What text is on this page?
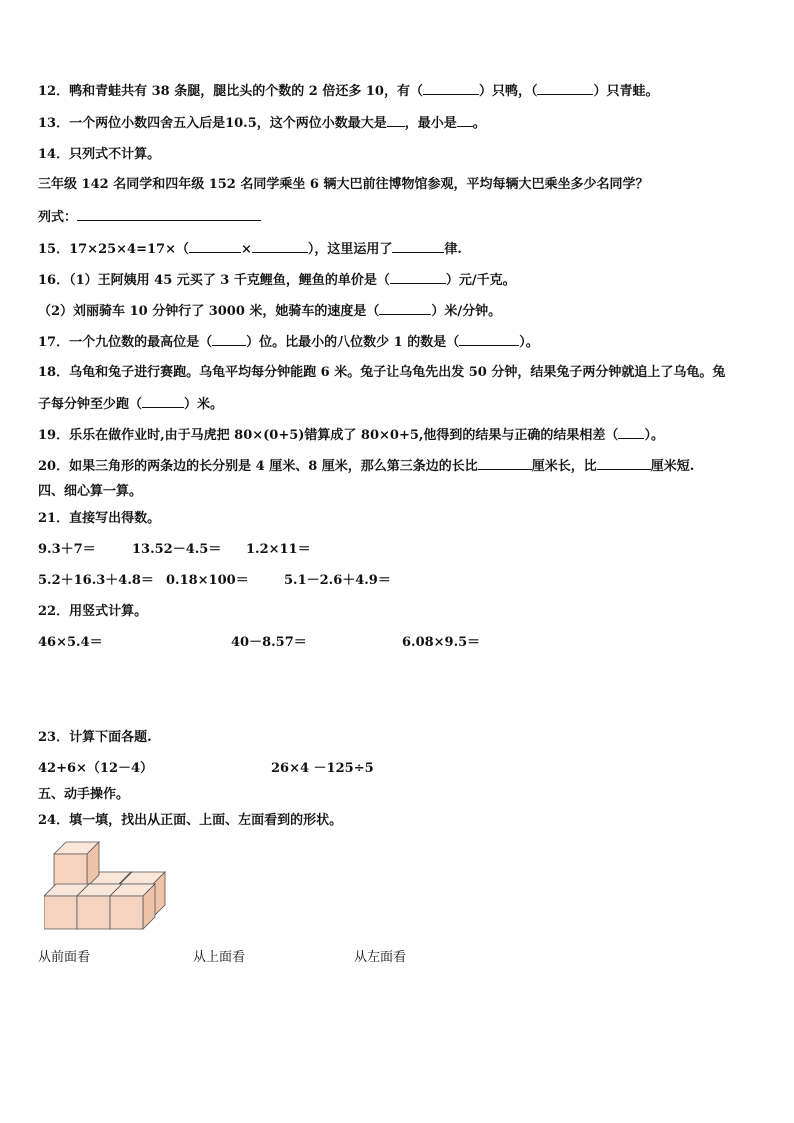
12．鸭和青蛙共有 38 条腿，腿比头的个数的 2 倍还多 10，有（	）只鸭，（	）只青蛙。
13．一个两位小数四舍五入后是10.5，这个两位小数最大是 ，最小是 。
14．只列式不计算。
三年级 142 名同学和四年级 152 名同学乘坐 6 辆大巴前往博物馆参观，平均每辆大巴乘坐多少名同学？
列式：
15．17×25×4=17×（	×	），这里运用了	律.
16．（1）王阿姨用 45 元买了 3 千克鲤鱼，鲤鱼的单价是（	）元/千克。
（2）刘丽骑车 10 分钟行了 3000 米，她骑车的速度是（	）米/分钟。
17．一个九位数的最高位是（	）位。比最小的八位数少 1 的数是（	）。
18．乌龟和兔子进行赛跑。乌龟平均每分钟能跑 6 米。兔子让乌龟先出发 50 分钟，结果兔子两分钟就追上了乌龟。兔
子每分钟至少跑（	）米。
19．乐乐在做作业时,由于马虎把 80×(0+5)错算成了 80×0+5,他得到的结果与正确的结果相差（ ）。
20．如果三角形的两条边的长分别是 4 厘米、8 厘米，那么第三条边的长比	厘米长，比	厘米短.
四、细心算一算。
21．直接写出得数。
9.3＋7＝	13.52－4.5＝ 1.2×11＝
5.2＋16.3＋4.8＝ 0.18×100＝	5.1－2.6＋4.9＝
22．用竖式计算。
46×5.4＝	40－8.57＝	6.08×9.5＝
23．计算下面各题.
42+6×（12－4）	26×4 －125÷5
五、动手操作。
24．填一填，找出从正面、上面、左面看到的形状。
从前面看	从上面看	从左面看
